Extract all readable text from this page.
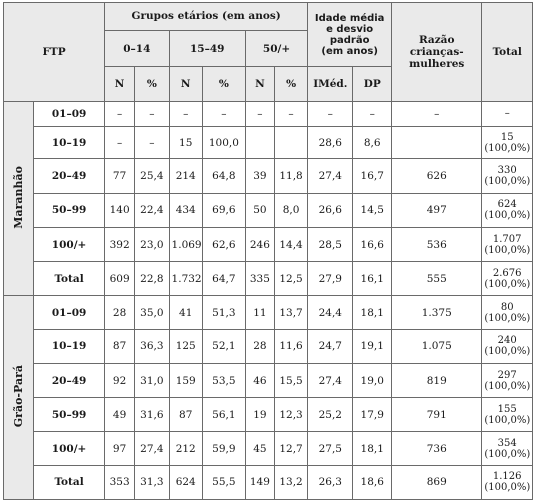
FTP		Grupos etários (em anos)						Idade média
e desvio
padrão
(em anos)		Razão crianças-mulheres	Total
		0–14		15–49		50/+					
		N	%	N	%	N	%	IMéd.	DP		
Maranhão	01–09	–	–	–	–	–	–	–	–	–	–

	10–19	–	–	15	100,0			28,6	8,6		15
(100,0%)

	20–49	77	25,4	214	64,8	39	11,8	27,4	16,7	626	330
(100,0%)

	50–99	140	22,4	434	69,6	50	8,0	26,6	14,5	497	624
(100,0%)

	100/+	392	23,0	1.069	62,6	246	14,4	28,5	16,6	536	1.707
(100,0%)

	Total	609	22,8	1.732	64,7	335	12,5	27,9	16,1	555	2.676
(100,0%)

Grão-Pará	01–09	28	35,0	41	51,3	11	13,7	24,4	18,1	1.375	80
(100,0%)

	10–19	87	36,3	125	52,1	28	11,6	24,7	19,1	1.075	240
(100,0%)

	20–49	92	31,0	159	53,5	46	15,5	27,4	19,0	819	297
(100,0%)

	50–99	49	31,6	87	56,1	19	12,3	25,2	17,9	791	155
(100,0%)

	100/+	97	27,4	212	59,9	45	12,7	27,5	18,1	736	354
(100,0%)

	Total	353	31,3	624	55,5	149	13,2	26,3	18,6	869	1.126
(100,0%)
